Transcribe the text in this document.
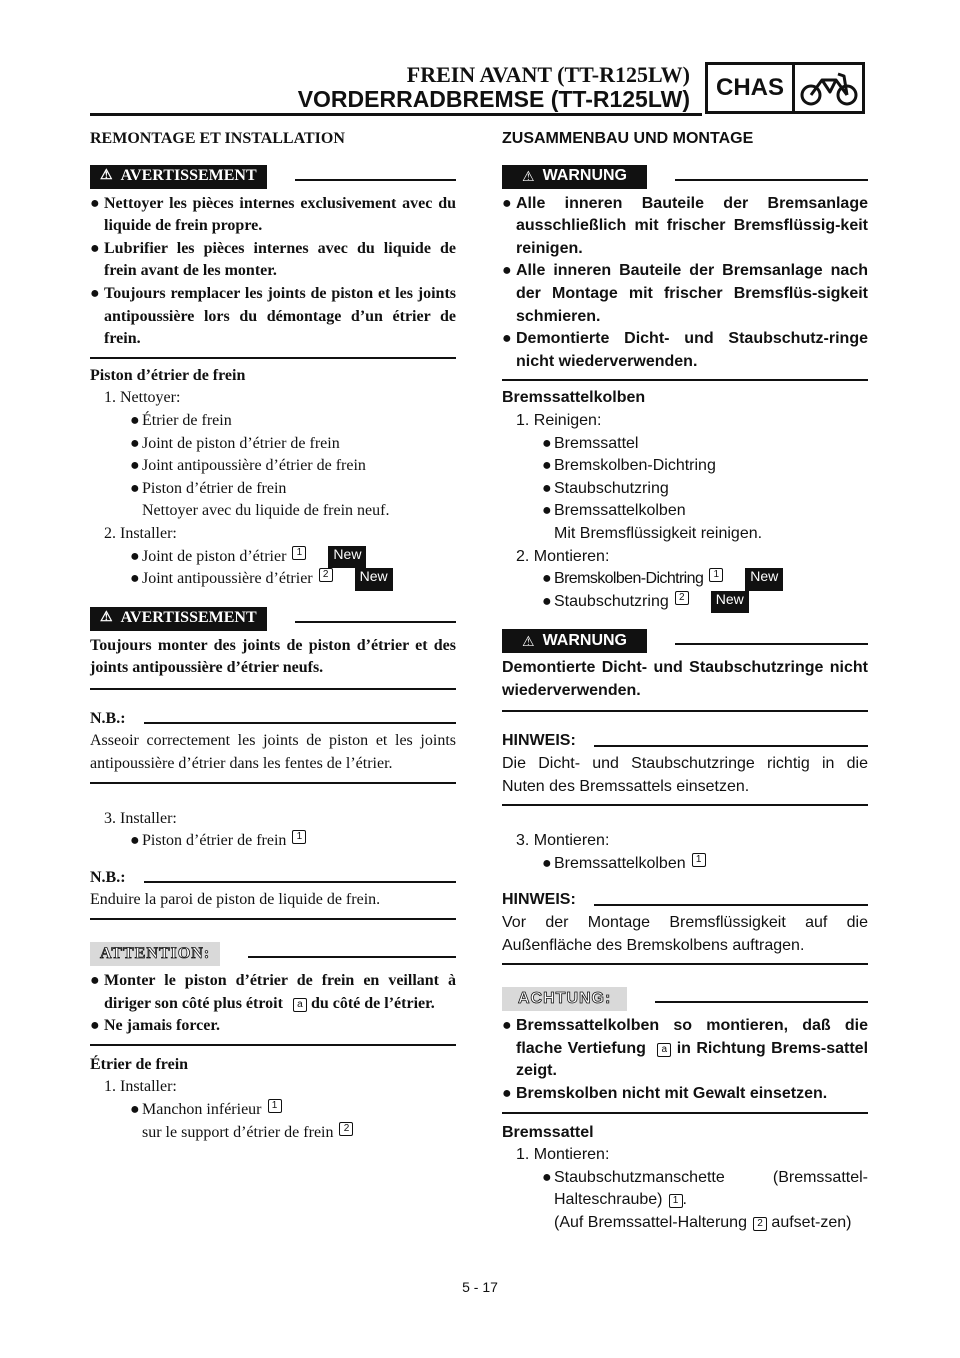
FREIN AVANT (TT-R125LW)
VORDERRADBREMSE (TT-R125LW)	CHAS

REMONTAGE ET INSTALLATION

⚠ AVERTISSEMENT
● Nettoyer les pièces internes exclusivement avec du liquide de frein propre.
● Lubrifier les pièces internes avec du liquide de frein avant de les monter.
● Toujours remplacer les joints de piston et les joints antipoussière lors du démontage d’un étrier de frein.

Piston d’étrier de frein

1. Nettoyer:
● Étrier de frein
● Joint de piston d’étrier de frein
● Joint antipoussière d’étrier de frein
● Piston d’étrier de frein
Nettoyer avec du liquide de frein neuf.
2. Installer:
● Joint de piston d’étrier	1	New
● Joint antipoussière d’étrier	2	New
⚠ AVERTISSEMENT
Toujours monter des joints de piston d’étrier et des joints antipoussière d’étrier neufs.
N.B.:
Asseoir correctement les joints de piston et les joints antipoussière d’étrier dans les fentes de l’étrier.
3. Installer:
● Piston d’étrier de frein	1
N.B.:
Enduire la paroi de piston de liquide de frein.
ATTENTION:
● Monter le piston d’étrier de frein en veillant à diriger son côté plus étroit a du côté de l’étrier.
● Ne jamais forcer.

Étrier de frein

1. Installer:
● Manchon inférieur	1
sur le support d’étrier de frein	2

ZUSAMMENBAU UND MONTAGE

⚠ WARNUNG
● Alle inneren Bauteile der Bremsanlage ausschließlich mit frischer Bremsflüssig-keit reinigen.
● Alle inneren Bauteile der Bremsanlage nach der Montage mit frischer Bremsflüs-sigkeit schmieren.
● Demontierte Dicht- und Staubschutz-ringe nicht wiederverwenden.

Bremssattelkolben

1. Reinigen:
● Bremssattel
● Bremskolben-Dichtring
● Staubschutzring
● Bremssattelkolben
Mit Bremsflüssigkeit reinigen.
2. Montieren:
● Bremskolben-Dichtring	1	New
● Staubschutzring	2	New
⚠ WARNUNG
Demontierte Dicht- und Staubschutzringe nicht wiederverwenden.
HINWEIS:
Die Dicht- und Staubschutzringe richtig in die Nuten des Bremssattels einsetzen.
3. Montieren:
● Bremssattelkolben	1
HINWEIS:
Vor der Montage Bremsflüssigkeit auf die Außenfläche des Bremskolbens auftragen.
ACHTUNG:
● Bremssattelkolben so montieren, daß die flache Vertiefung a in Richtung Brems-sattel zeigt.
● Bremskolben nicht mit Gewalt einsetzen.

Bremssattel

1. Montieren:
● Staubschutzmanschette (Bremssattel-Halteschraube) 1 .
(Auf Bremssattel-Halterung 2 aufset-zen)
5 - 17
